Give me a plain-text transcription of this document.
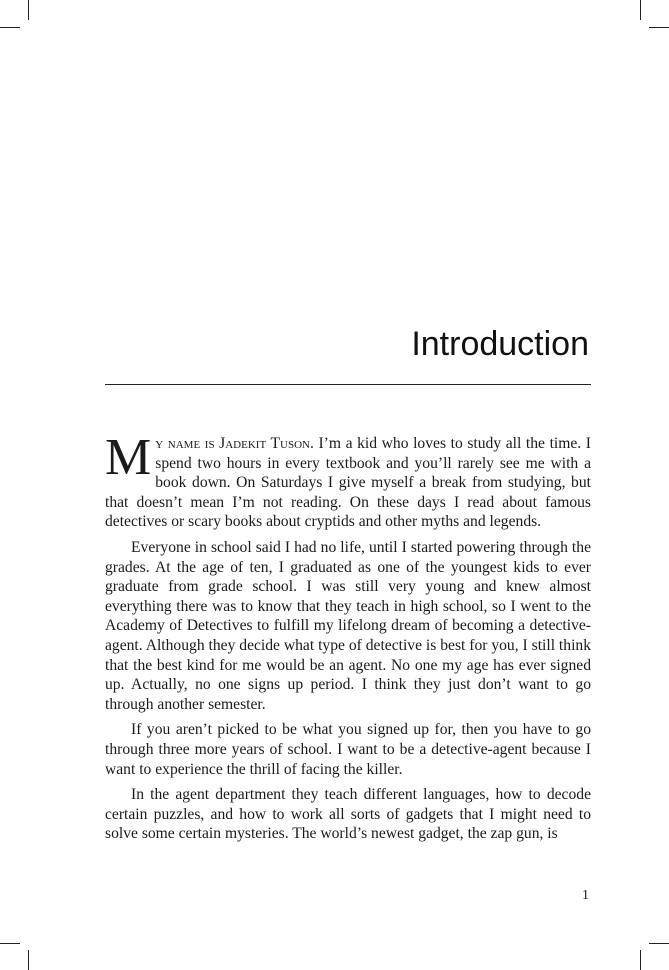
Introduction

My name is Jadekit Tuson. I’m a kid who loves to study all the time. I spend two hours in every textbook and you’ll rarely see me with a book down. On Saturdays I give myself a break from studying, but that doesn’t mean I’m not reading. On these days I read about famous detectives or scary books about cryptids and other myths and legends.

Everyone in school said I had no life, until I started powering through the grades. At the age of ten, I graduated as one of the youngest kids to ever graduate from grade school. I was still very young and knew almost everything there was to know that they teach in high school, so I went to the Academy of Detectives to fulfill my lifelong dream of becoming a detective-agent. Although they decide what type of detective is best for you, I still think that the best kind for me would be an agent. No one my age has ever signed up. Actually, no one signs up period. I think they just don’t want to go through another semester.

If you aren’t picked to be what you signed up for, then you have to go through three more years of school. I want to be a detective-agent because I want to experience the thrill of facing the killer.

In the agent department they teach different languages, how to decode certain puzzles, and how to work all sorts of gadgets that I might need to solve some certain mysteries. The world’s newest gadget, the zap gun, is

1
